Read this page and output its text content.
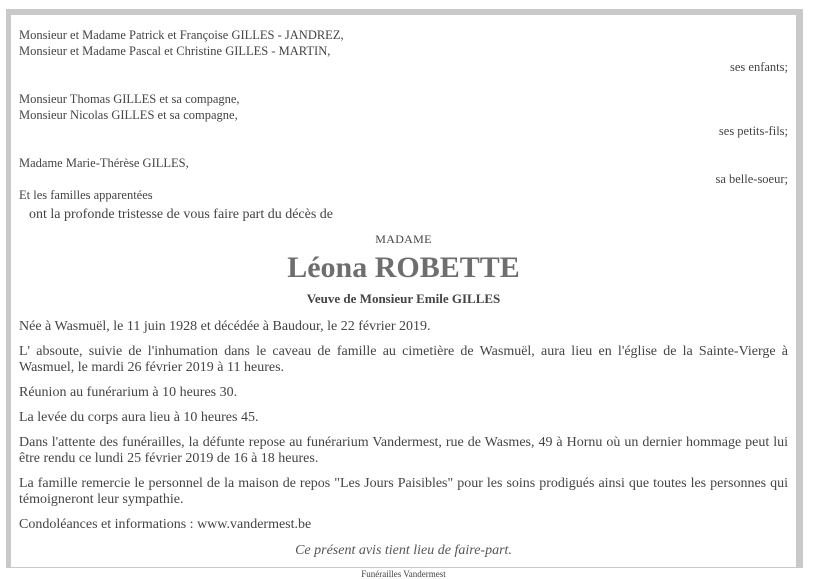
Monsieur et Madame Patrick et Françoise GILLES - JANDREZ,
Monsieur et Madame Pascal et Christine GILLES - MARTIN,
ses enfants;
Monsieur Thomas GILLES et sa compagne,
Monsieur Nicolas GILLES et sa compagne,
ses petits-fils;
Madame Marie-Thérèse GILLES,
sa belle-soeur;
Et les familles apparentées
ont la profonde tristesse de vous faire part du décès de
MADAME
Léona ROBETTE
Veuve de Monsieur Emile GILLES

Née à Wasmuël, le 11 juin 1928 et décédée à Baudour, le 22 février 2019.

L' absoute, suivie de l'inhumation dans le caveau de famille au cimetière de Wasmuël, aura lieu en l'église de la Sainte-Vierge à Wasmuel, le mardi 26 février 2019 à 11 heures.

Réunion au funérarium à 10 heures 30.

La levée du corps aura lieu à 10 heures 45.

Dans l'attente des funérailles, la défunte repose au funérarium Vandermest, rue de Wasmes, 49 à Hornu où un dernier hommage peut lui être rendu ce lundi 25 février 2019 de 16 à 18 heures.

La famille remercie le personnel de la maison de repos "Les Jours Paisibles" pour les soins prodigués ainsi que toutes les personnes qui témoigneront leur sympathie.

Condoléances et informations : www.vandermest.be

Ce présent avis tient lieu de faire-part.
Funérailles Vandermest
